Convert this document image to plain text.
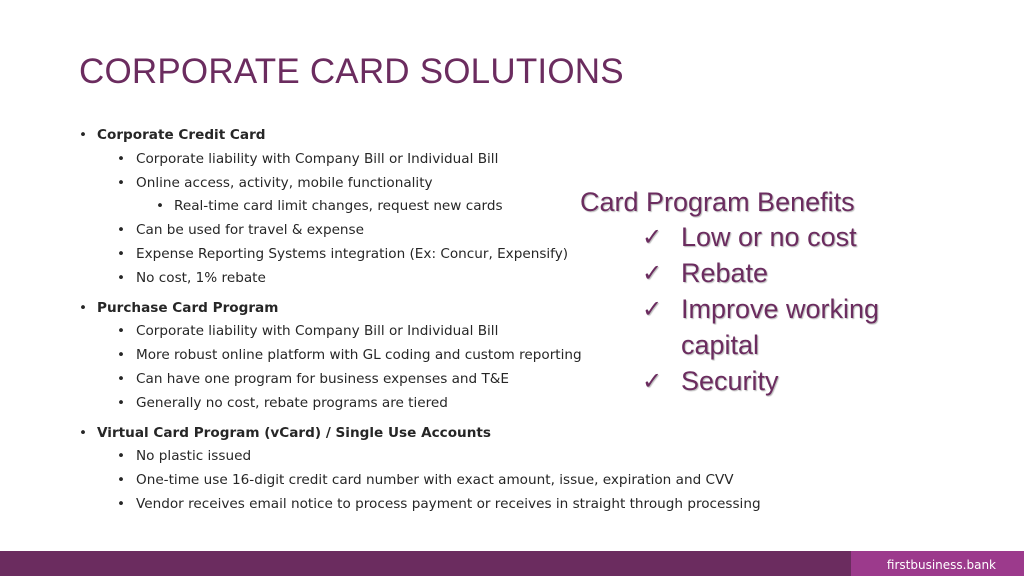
CORPORATE CARD SOLUTIONS
• Corporate Credit Card
• Corporate liability with Company Bill or Individual Bill
• Online access, activity, mobile functionality
• Real-time card limit changes, request new cards
• Can be used for travel & expense
• Expense Reporting Systems integration (Ex: Concur, Expensify)
• No cost, 1% rebate
• Purchase Card Program
• Corporate liability with Company Bill or Individual Bill
• More robust online platform with GL coding and custom reporting
• Can have one program for business expenses and T&E
• Generally no cost, rebate programs are tiered
• Virtual Card Program (vCard) / Single Use Accounts
• No plastic issued
• One-time use 16-digit credit card number with exact amount, issue, expiration and CVV
• Vendor receives email notice to process payment or receives in straight through processing
Card Program Benefits
✓ Low or no cost
✓ Rebate
✓ Improve working capital
✓ Security
firstbusiness.bank
